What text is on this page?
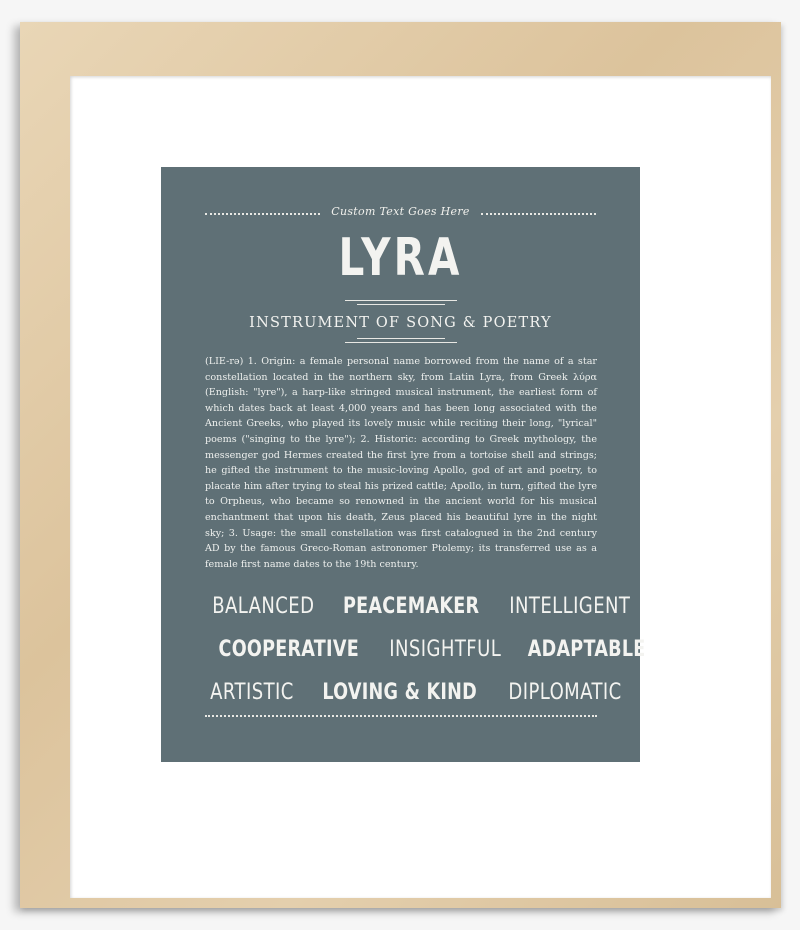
Custom Text Goes Here
LYRA
INSTRUMENT OF SONG & POETRY
(LIE-rə) 1. Origin: a female personal name borrowed from the name of a star constellation located in the northern sky, from Latin Lyra, from Greek λύρα (English: "lyre"), a harp-like stringed musical instrument, the earliest form of which dates back at least 4,000 years and has been long associated with the Ancient Greeks, who played its lovely music while reciting their long, "lyrical" poems ("singing to the lyre"); 2. Historic: according to Greek mythology, the messenger god Hermes created the first lyre from a tortoise shell and strings; he gifted the instrument to the music-loving Apollo, god of art and poetry, to placate him after trying to steal his prized cattle; Apollo, in turn, gifted the lyre to Orpheus, who became so renowned in the ancient world for his musical enchantment that upon his death, Zeus placed his beautiful lyre in the night sky; 3. Usage: the small constellation was first catalogued in the 2nd century AD by the famous Greco-Roman astronomer Ptolemy; its transferred use as a female first name dates to the 19th century.
BALANCED PEACEMAKER INTELLIGENT
COOPERATIVE INSIGHTFUL ADAPTABLE
ARTISTIC LOVING & KIND DIPLOMATIC
